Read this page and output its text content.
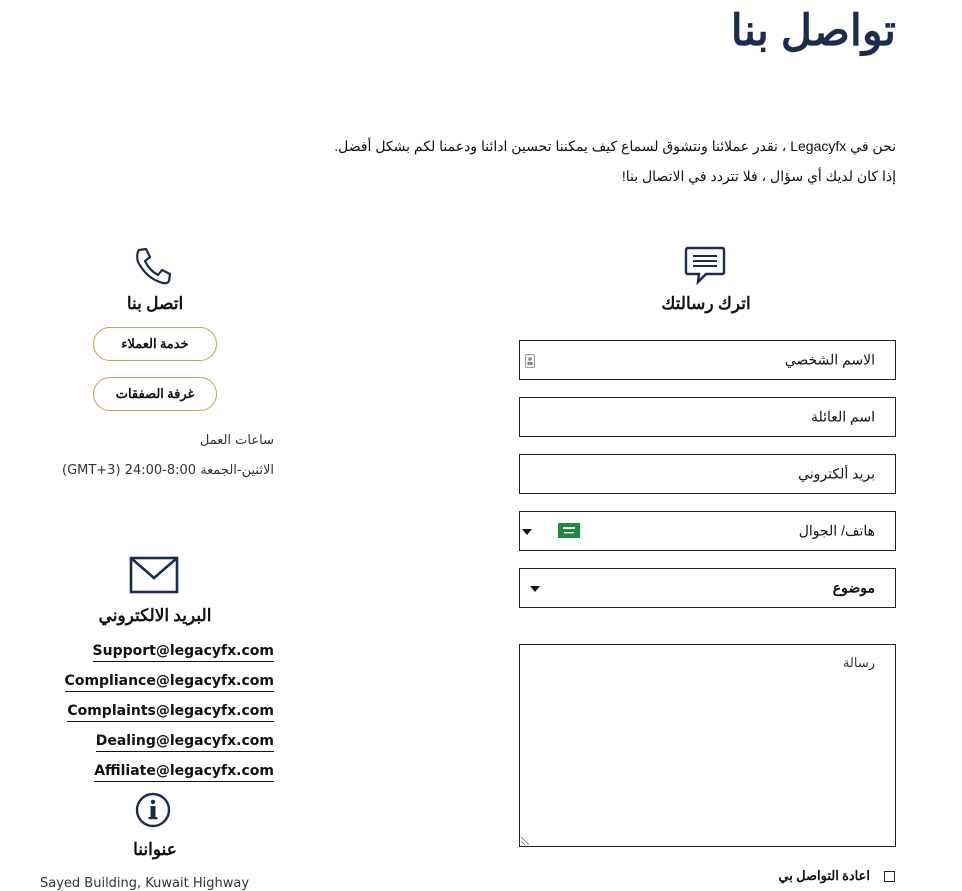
تواصل بنا
نحن في Legacyfx ، نقدر عملائنا ونتشوق لسماع كيف يمكننا تحسين ادائنا ودعمنا لكم بشكل أفضل.
إذا كان لديك أي سؤال ، فلا تتردد في الاتصال بنا!
اترك رسالتك
الاسم الشخصي
اسم العائلة
بريد ألكتروني
هاتف/ الجوال
موضوع
رسالة
اعادة التواصل بي
اتصل بنا
خدمة العملاء
غرفة الصفقات
ساعات العمل
الاثنين-الجمعة 8:00-24:00 (GMT+3)
البريد الالكتروني
Support@legacyfx.com
Compliance@legacyfx.com
Complaints@legacyfx.com
Dealing@legacyfx.com
Affiliate@legacyfx.com
عنواننا
Sayed Building, Kuwait Highway
